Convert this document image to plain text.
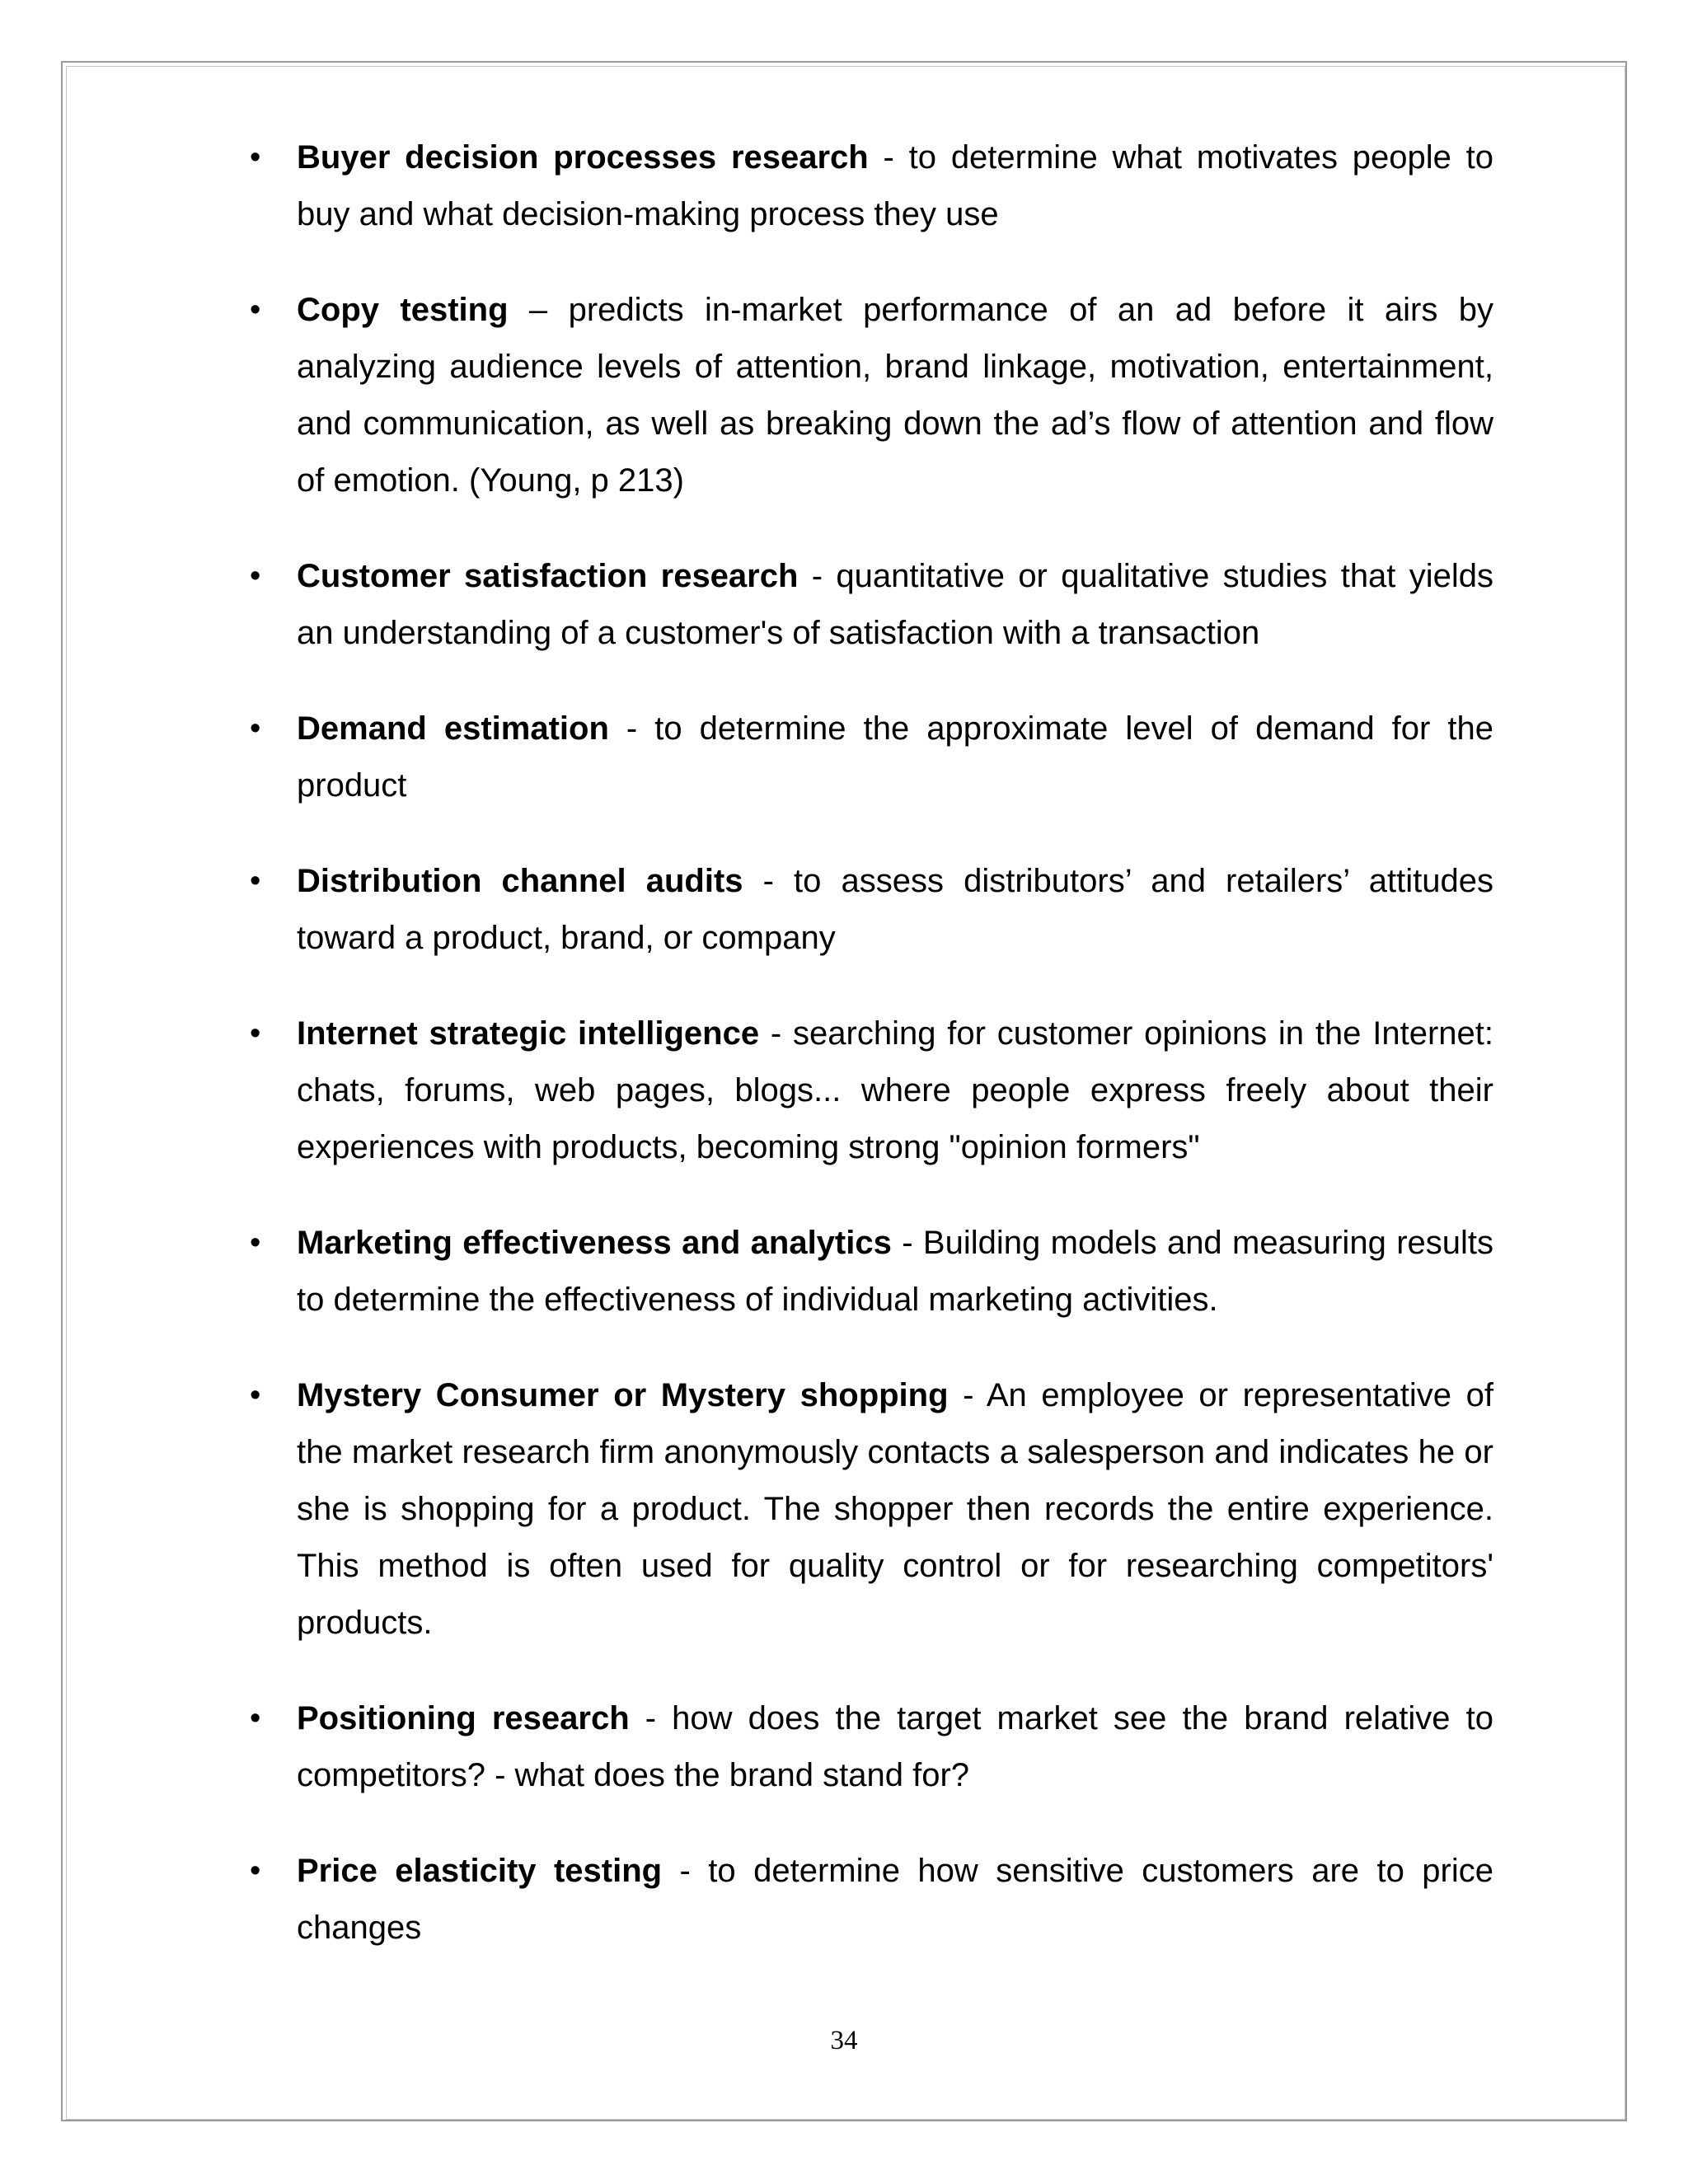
• Buyer decision processes research - to determine what motivates people to buy and what decision-making process they use
• Copy testing – predicts in-market performance of an ad before it airs by analyzing audience levels of attention, brand linkage, motivation, entertainment, and communication, as well as breaking down the ad’s flow of attention and flow of emotion. (Young, p 213)
• Customer satisfaction research - quantitative or qualitative studies that yields an understanding of a customer's of satisfaction with a transaction
• Demand estimation - to determine the approximate level of demand for the product
• Distribution channel audits - to assess distributors’ and retailers’ attitudes toward a product, brand, or company
• Internet strategic intelligence - searching for customer opinions in the Internet: chats, forums, web pages, blogs... where people express freely about their experiences with products, becoming strong "opinion formers"
• Marketing effectiveness and analytics - Building models and measuring results to determine the effectiveness of individual marketing activities.
• Mystery Consumer or Mystery shopping - An employee or representative of the market research firm anonymously contacts a salesperson and indicates he or she is shopping for a product. The shopper then records the entire experience. This method is often used for quality control or for researching competitors' products.
• Positioning research - how does the target market see the brand relative to competitors? - what does the brand stand for?
• Price elasticity testing - to determine how sensitive customers are to price changes
34
